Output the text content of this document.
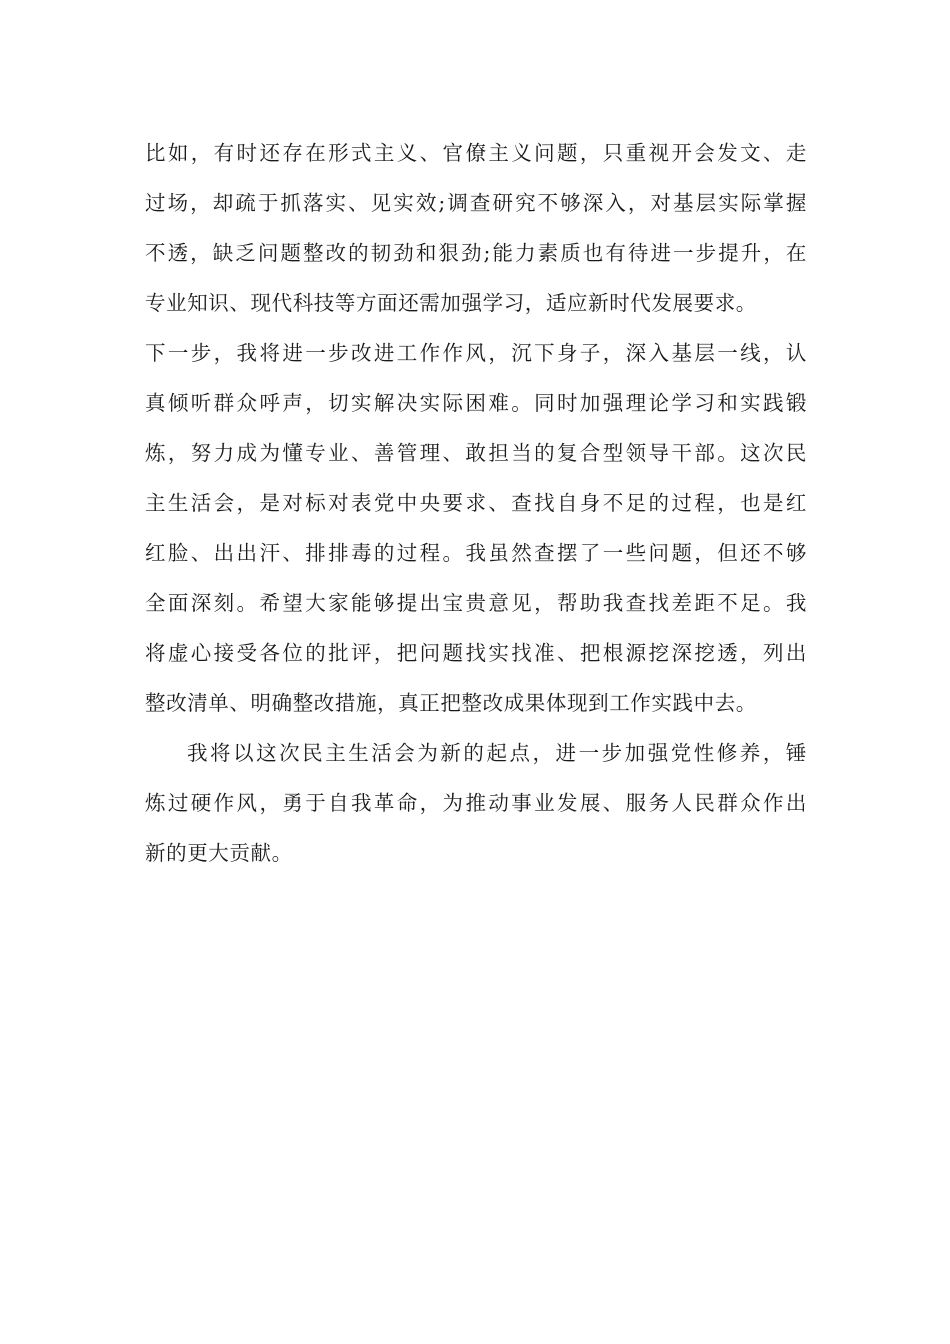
比如，有时还存在形式主义、官僚主义问题，只重视开会发文、走
过场，却疏于抓落实、见实效;调查研究不够深入，对基层实际掌握
不透，缺乏问题整改的韧劲和狠劲;能力素质也有待进一步提升，在
专业知识、现代科技等方面还需加强学习，适应新时代发展要求。
下一步，我将进一步改进工作作风，沉下身子，深入基层一线，认
真倾听群众呼声，切实解决实际困难。同时加强理论学习和实践锻
炼，努力成为懂专业、善管理、敢担当的复合型领导干部。这次民
主生活会，是对标对表党中央要求、查找自身不足的过程，也是红
红脸、出出汗、排排毒的过程。我虽然查摆了一些问题，但还不够
全面深刻。希望大家能够提出宝贵意见，帮助我查找差距不足。我
将虚心接受各位的批评，把问题找实找准、把根源挖深挖透，列出
整改清单、明确整改措施，真正把整改成果体现到工作实践中去。
我将以这次民主生活会为新的起点，进一步加强党性修养，锤
炼过硬作风，勇于自我革命，为推动事业发展、服务人民群众作出
新的更大贡献。
